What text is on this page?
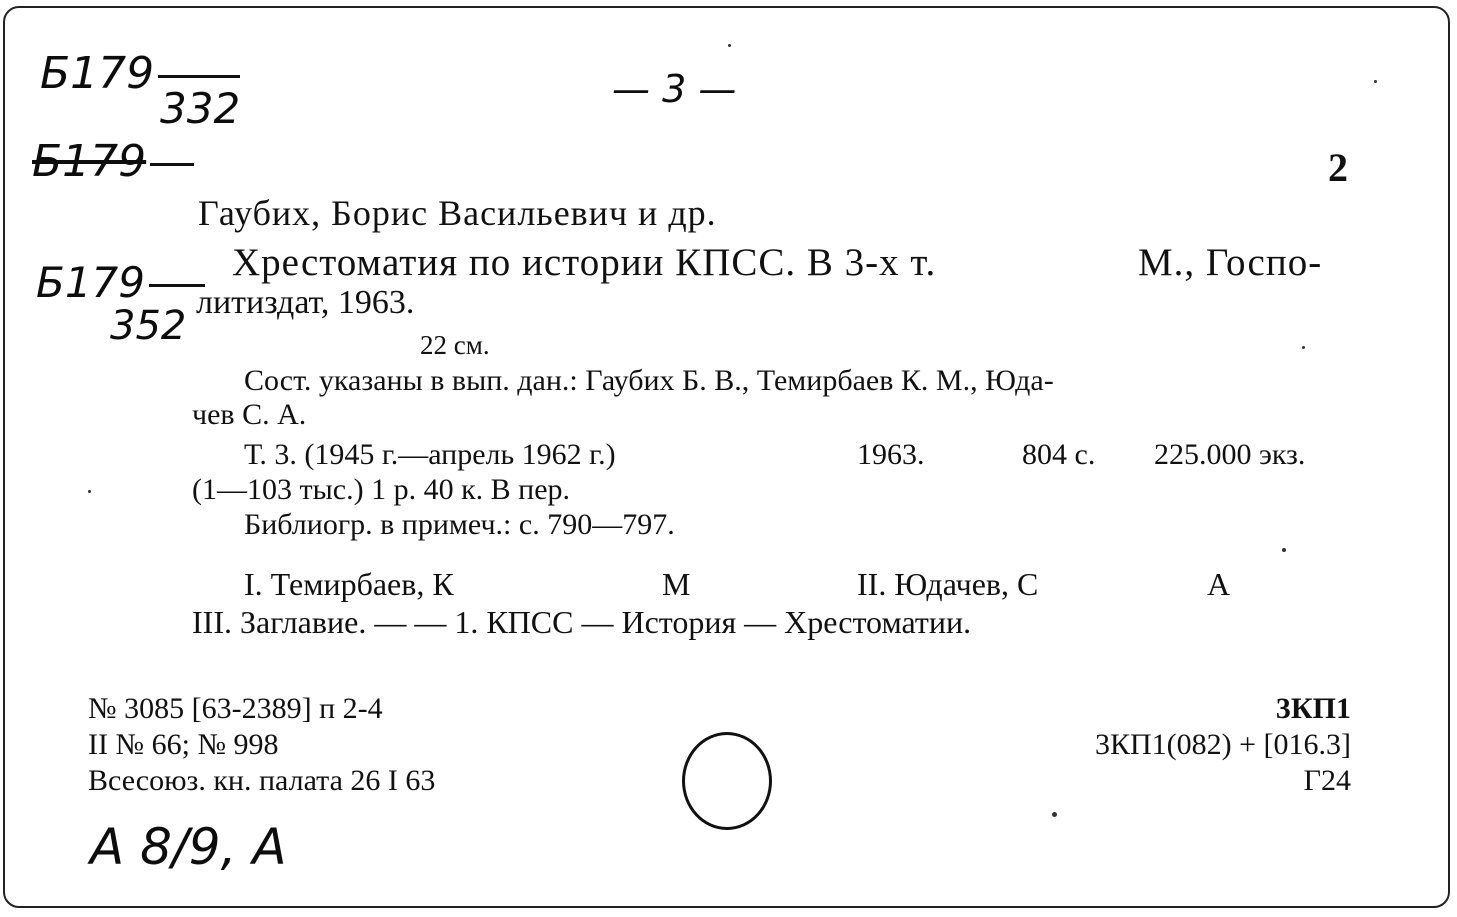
Б179
332	— 3 —
Б179
Б179
352
2
Гаубих, Борис Васильевич и др.
Хрестоматия по истории КПСС. В 3-х т.	М., Госпо-
литиздат, 1963.
22 см.
Сост. указаны в вып. дан.: Гаубих Б. В., Темирбаев К. М., Юда-
чев С. А.
Т. 3. (1945 г.—апрель 1962 г.)	1963.	804 с. 225.000 экз.
(1—103 тыс.) 1 р. 40 к. В пер.
Библиогр. в примеч.: с. 790—797.
I. Темирбаев, К	М	II. Юдачев, С	А
III. Заглавие. — — 1. КПСС — История — Хрестоматии.
№ 3085 [63-2389] п 2-4
II № 66; № 998
Всесоюз. кн. палата 26 I 63
3КП1
3КП1(082) + [016.3]
Г24
А 8/9, А
